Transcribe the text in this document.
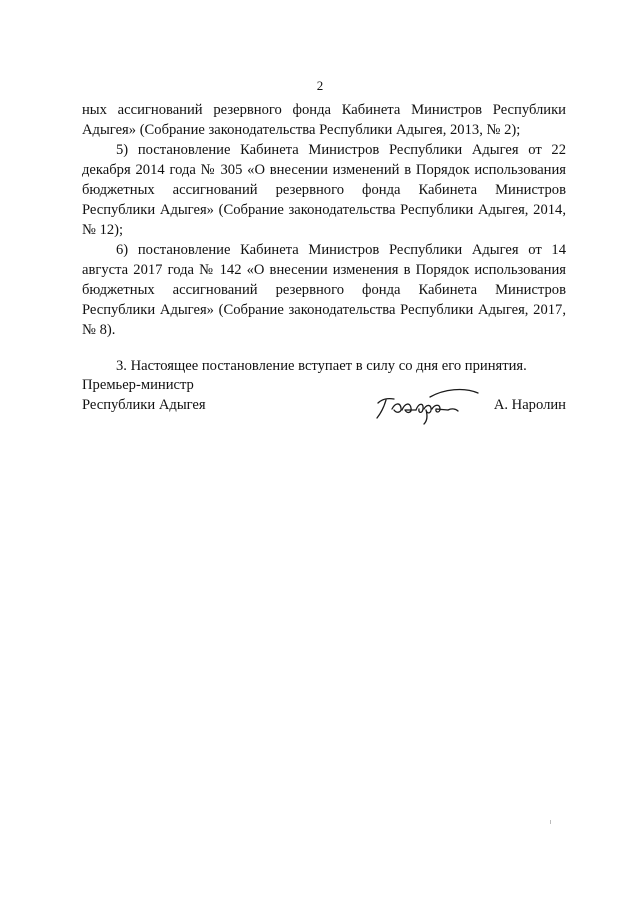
2

ных ассигнований резервного фонда Кабинета Министров Республики Адыгея» (Собрание законодательства Республики Адыгея, 2013, № 2);

5) постановление Кабинета Министров Республики Адыгея от 22 декабря 2014 года № 305 «О внесении изменений в Порядок использования бюджетных ассигнований резервного фонда Кабинета Министров Республики Адыгея» (Собрание законодательства Республики Адыгея, 2014, № 12);

6) постановление Кабинета Министров Республики Адыгея от 14 августа 2017 года № 142 «О внесении изменения в Порядок использования бюджетных ассигнований резервного фонда Кабинета Министров Республики Адыгея» (Собрание законодательства Республики Адыгея, 2017, № 8).

3. Настоящее постановление вступает в силу со дня его принятия.

Премьер-министр
Республики Адыгея	А. Наролин
